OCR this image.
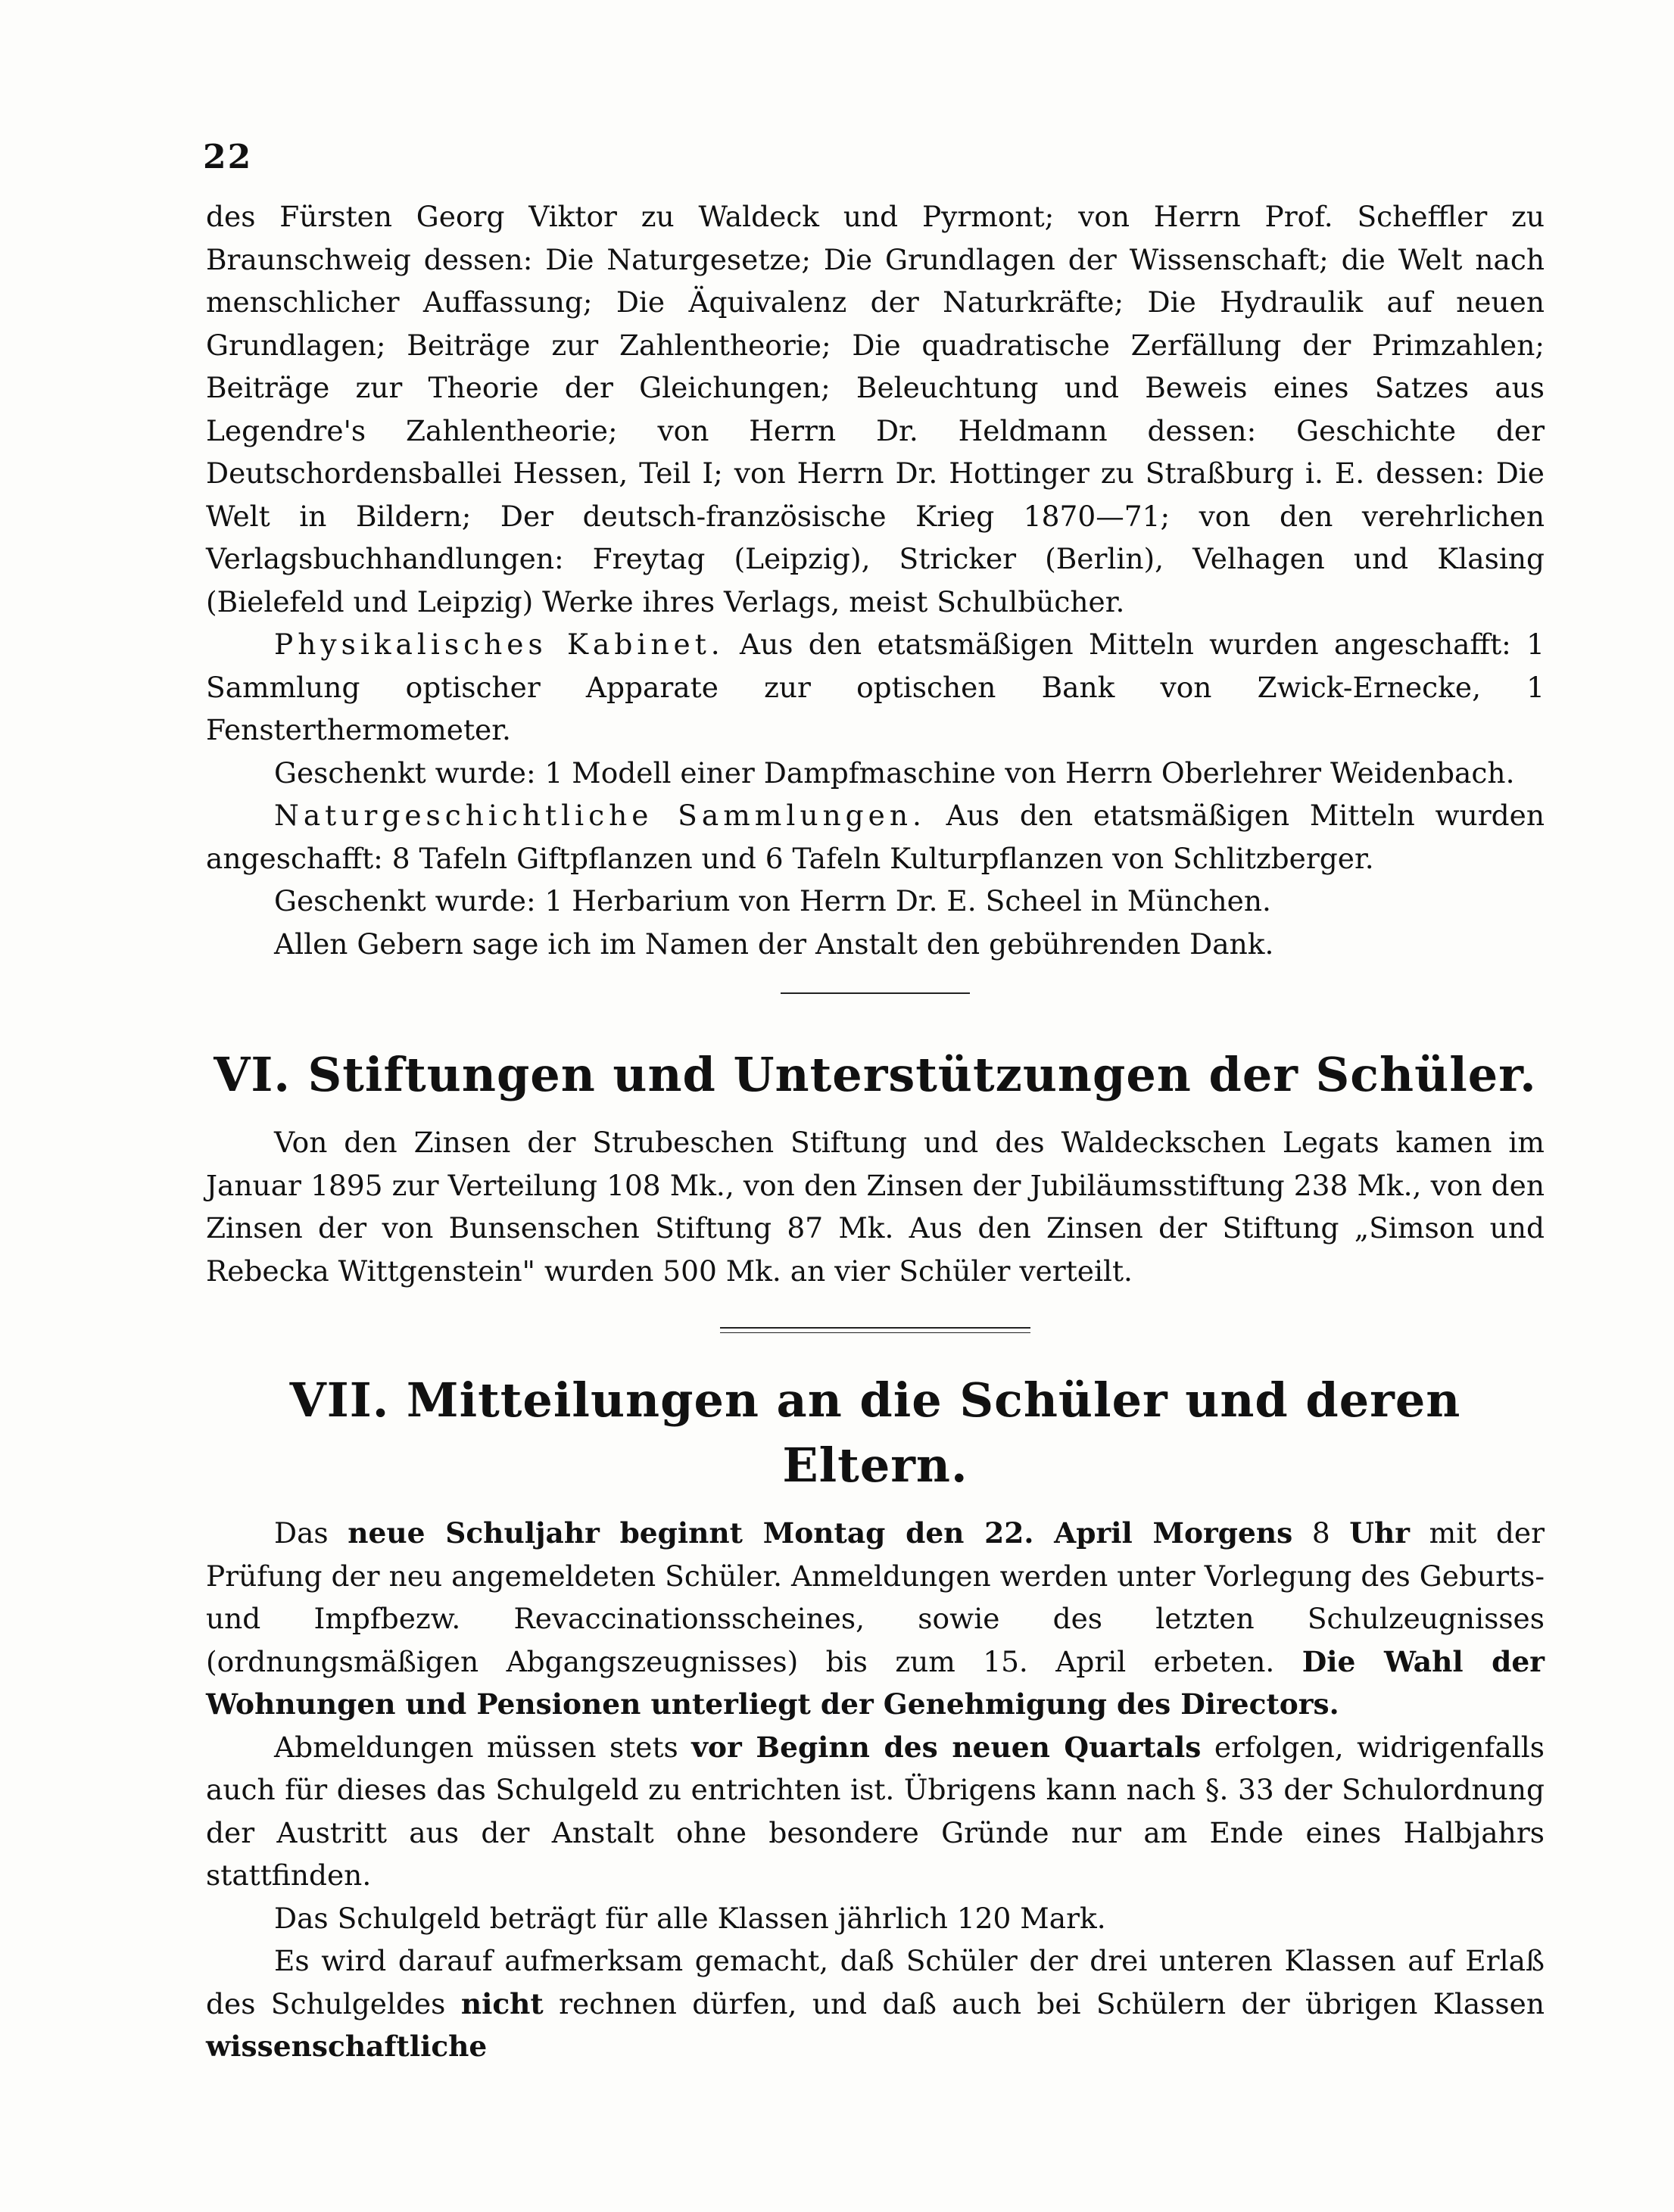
22

des Fürsten Georg Viktor zu Waldeck und Pyrmont; von Herrn Prof. Scheffler zu Braunschweig dessen: Die Naturgesetze; Die Grundlagen der Wissenschaft; die Welt nach menschlicher Auffassung; Die Äquivalenz der Naturkräfte; Die Hydraulik auf neuen Grundlagen; Beiträge zur Zahlentheorie; Die quadratische Zerfällung der Primzahlen; Beiträge zur Theorie der Gleichungen; Beleuchtung und Beweis eines Satzes aus Legendre's Zahlentheorie; von Herrn Dr. Heldmann dessen: Geschichte der Deutschordensballei Hessen, Teil I; von Herrn Dr. Hottinger zu Straßburg i. E. dessen: Die Welt in Bildern; Der deutsch-französische Krieg 1870—71; von den verehrlichen Verlagsbuchhandlungen: Freytag (Leipzig), Stricker (Berlin), Velhagen und Klasing (Bielefeld und Leipzig) Werke ihres Verlags, meist Schulbücher.

Physikalisches Kabinet. Aus den etatsmäßigen Mitteln wurden angeschafft: 1 Sammlung optischer Apparate zur optischen Bank von Zwick-Ernecke, 1 Fensterthermometer.

Geschenkt wurde: 1 Modell einer Dampfmaschine von Herrn Oberlehrer Weidenbach.

Naturgeschichtliche Sammlungen. Aus den etatsmäßigen Mitteln wurden angeschafft: 8 Tafeln Giftpflanzen und 6 Tafeln Kulturpflanzen von Schlitzberger.

Geschenkt wurde: 1 Herbarium von Herrn Dr. E. Scheel in München.

Allen Gebern sage ich im Namen der Anstalt den gebührenden Dank.

VI. Stiftungen und Unterstützungen der Schüler.

Von den Zinsen der Strubeschen Stiftung und des Waldeckschen Legats kamen im Januar 1895 zur Verteilung 108 Mk., von den Zinsen der Jubiläumsstiftung 238 Mk., von den Zinsen der von Bunsenschen Stiftung 87 Mk. Aus den Zinsen der Stiftung „Simson und Rebecka Wittgenstein" wurden 500 Mk. an vier Schüler verteilt.

VII. Mitteilungen an die Schüler und deren Eltern.

Das neue Schuljahr beginnt Montag den 22. April Morgens 8 Uhr mit der Prüfung der neu angemeldeten Schüler. Anmeldungen werden unter Vorlegung des Geburts- und Impfbezw. Revaccinationsscheines, sowie des letzten Schulzeugnisses (ordnungsmäßigen Abgangszeugnisses) bis zum 15. April erbeten. Die Wahl der Wohnungen und Pensionen unterliegt der Genehmigung des Directors.

Abmeldungen müssen stets vor Beginn des neuen Quartals erfolgen, widrigenfalls auch für dieses das Schulgeld zu entrichten ist. Übrigens kann nach §. 33 der Schulordnung der Austritt aus der Anstalt ohne besondere Gründe nur am Ende eines Halbjahrs stattfinden.

Das Schulgeld beträgt für alle Klassen jährlich 120 Mark.

Es wird darauf aufmerksam gemacht, daß Schüler der drei unteren Klassen auf Erlaß des Schulgeldes nicht rechnen dürfen, und daß auch bei Schülern der übrigen Klassen wissenschaftliche
